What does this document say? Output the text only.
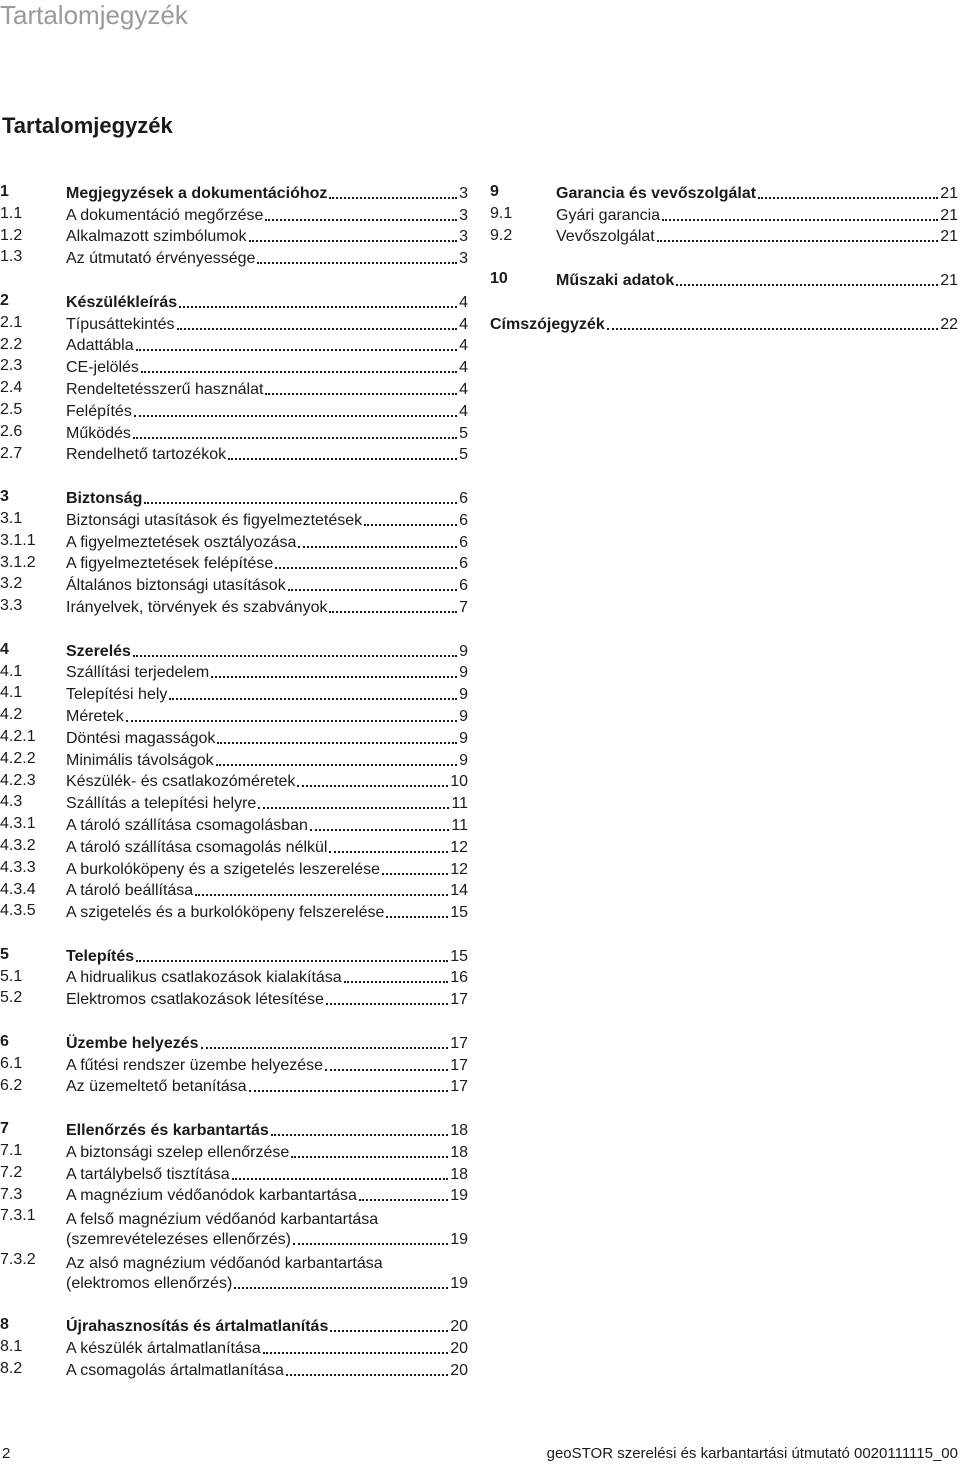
Tartalomjegyzék
Tartalomjegyzék
1	Megjegyzések a dokumentációhoz	3
1.1	A dokumentáció megőrzése	3
1.2	Alkalmazott szimbólumok	3
1.3	Az útmutató érvényessége	3
2	Készülékleírás	4
2.1	Típusáttekintés	4
2.2	Adattábla	4
2.3	CE-jelölés	4
2.4	Rendeltetésszerű használat	4
2.5	Felépítés	4
2.6	Működés	5
2.7	Rendelhető tartozékok	5
3	Biztonság	6
3.1	Biztonsági utasítások és figyelmeztetések	6
3.1.1	A figyelmeztetések osztályozása	6
3.1.2	A figyelmeztetések felépítése	6
3.2	Általános biztonsági utasítások	6
3.3	Irányelvek, törvények és szabványok	7
4	Szerelés	9
4.1	Szállítási terjedelem	9
4.1	Telepítési hely	9
4.2	Méretek	9
4.2.1	Döntési magasságok	9
4.2.2	Minimális távolságok	9
4.2.3	Készülék- és csatlakozóméretek	10
4.3	Szállítás a telepítési helyre	11
4.3.1	A tároló szállítása csomagolásban	11
4.3.2	A tároló szállítása csomagolás nélkül	12
4.3.3	A burkolóköpeny és a szigetelés leszerelése	12
4.3.4	A tároló beállítása	14
4.3.5	A szigetelés és a burkolóköpeny felszerelése	15
5	Telepítés	15
5.1	A hidrualikus csatlakozások kialakítása	16
5.2	Elektromos csatlakozások létesítése	17
6	Üzembe helyezés	17
6.1	A fűtési rendszer üzembe helyezése	17
6.2	Az üzemeltető betanítása	17
7	Ellenőrzés és karbantartás	18
7.1	A biztonsági szelep ellenőrzése	18
7.2	A tartálybelső tisztítása	18
7.3	A magnézium védőanódok karbantartása	19
7.3.1	A felső magnézium védőanód karbantartása
(szemrevételezéses ellenőrzés)	19
7.3.2	Az alsó magnézium védőanód karbantartása
(elektromos ellenőrzés)	19
8	Újrahasznosítás és ártalmatlanítás	20
8.1	A készülék ártalmatlanítása	20
8.2	A csomagolás ártalmatlanítása	20
9	Garancia és vevőszolgálat	21
9.1	Gyári garancia	21
9.2	Vevőszolgálat	21
10	Műszaki adatok	21
Címszójegyzék	22
2	geoSTOR szerelési és karbantartási útmutató 0020111115_00
